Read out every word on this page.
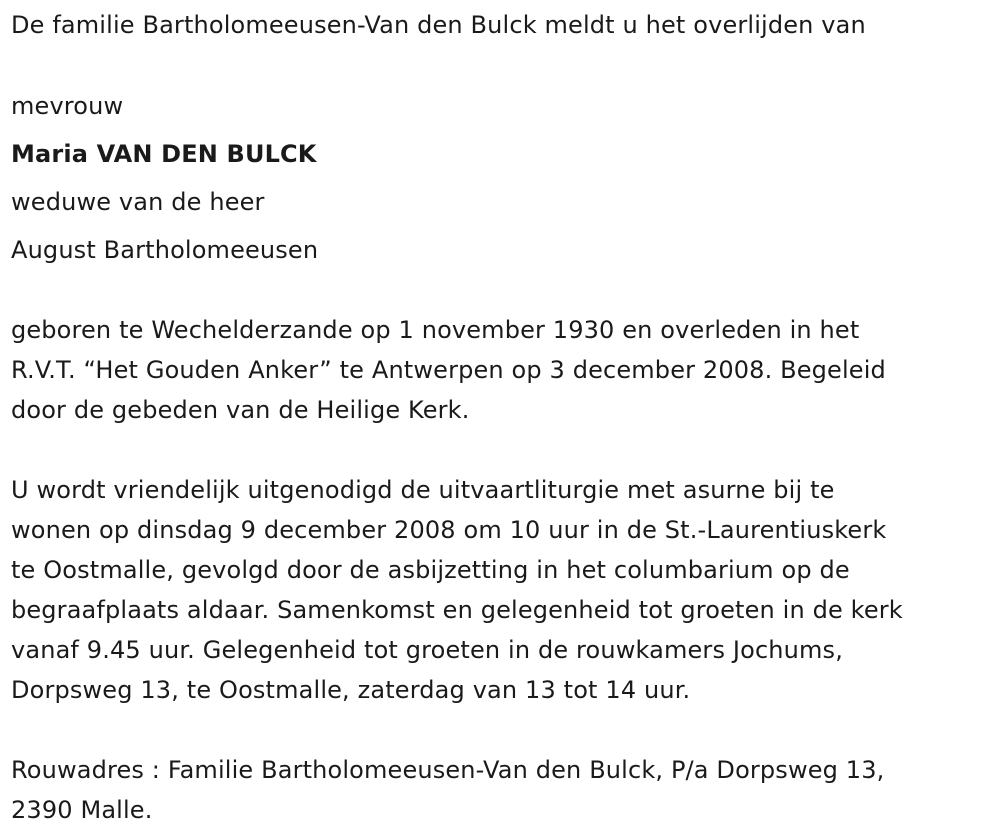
De familie Bartholomeeusen-Van den Bulck meldt u het overlijden van
mevrouw
Maria VAN DEN BULCK
weduwe van de heer
August Bartholomeeusen
geboren te Wechelderzande op 1 november 1930 en overleden in het
R.V.T. “Het Gouden Anker” te Antwerpen op 3 december 2008. Begeleid
door de gebeden van de Heilige Kerk.
U wordt vriendelijk uitgenodigd de uitvaartliturgie met asurne bij te
wonen op dinsdag 9 december 2008 om 10 uur in de St.-Laurentiuskerk
te Oostmalle, gevolgd door de asbijzetting in het columbarium op de
begraafplaats aldaar. Samenkomst en gelegenheid tot groeten in de kerk
vanaf 9.45 uur. Gelegenheid tot groeten in de rouwkamers Jochums,
Dorpsweg 13, te Oostmalle, zaterdag van 13 tot 14 uur.
Rouwadres : Familie Bartholomeeusen-Van den Bulck, P/a Dorpsweg 13,
2390 Malle.
